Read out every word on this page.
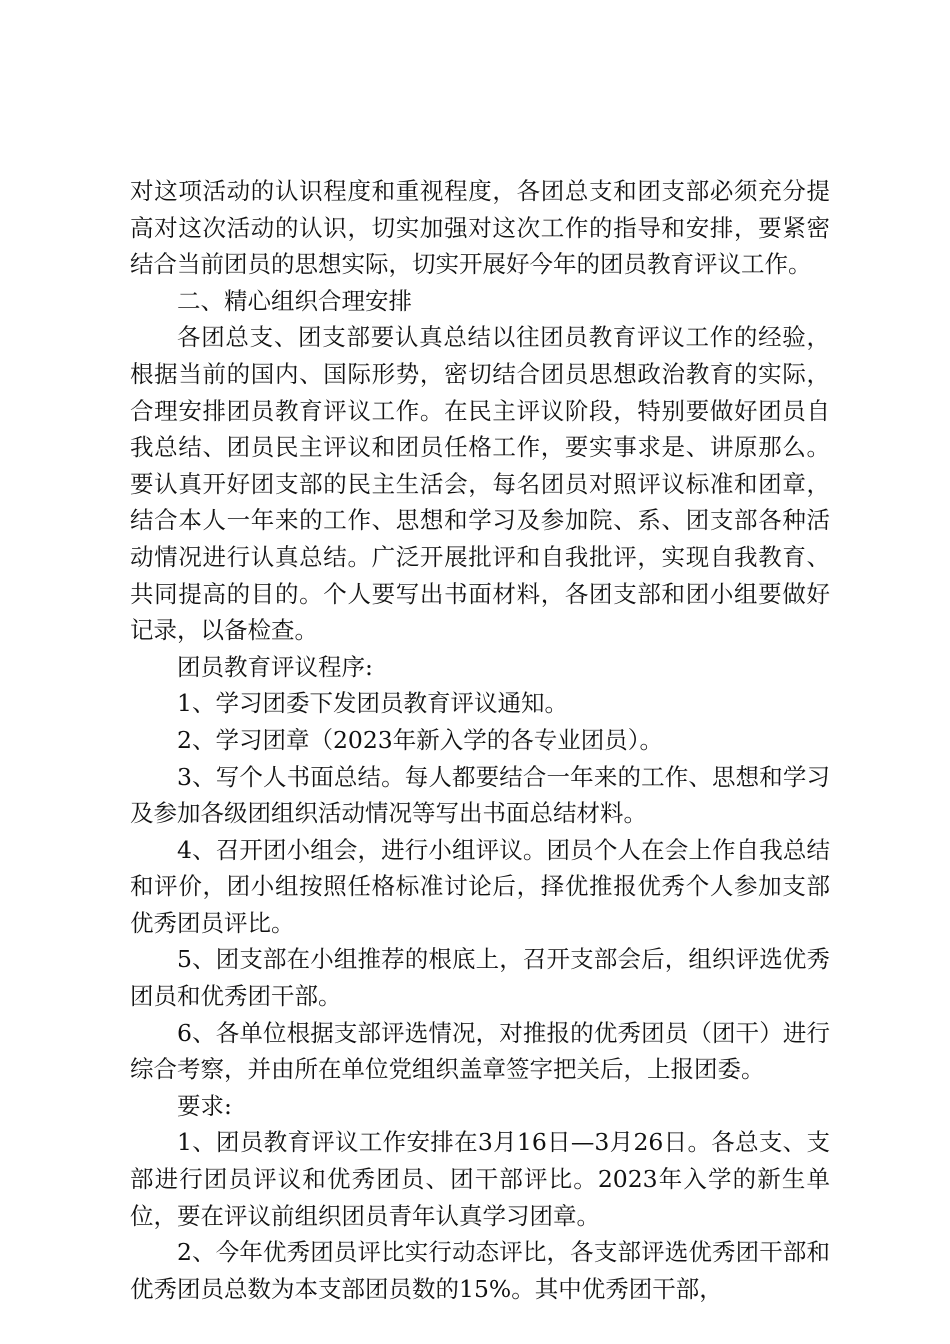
对这项活动的认识程度和重视程度，各团总支和团支部必须充分提高对这次活动的认识，切实加强对这次工作的指导和安排，要紧密结合当前团员的思想实际，切实开展好今年的团员教育评议工作。

二、精心组织合理安排

各团总支、团支部要认真总结以往团员教育评议工作的经验，根据当前的国内、国际形势，密切结合团员思想政治教育的实际，合理安排团员教育评议工作。在民主评议阶段，特别要做好团员自我总结、团员民主评议和团员任格工作，要实事求是、讲原那么。要认真开好团支部的民主生活会，每名团员对照评议标准和团章，结合本人一年来的工作、思想和学习及参加院、系、团支部各种活动情况进行认真总结。广泛开展批评和自我批评，实现自我教育、共同提高的目的。个人要写出书面材料，各团支部和团小组要做好记录，以备检查。

团员教育评议程序:

1、学习团委下发团员教育评议通知。

2、学习团章（2023年新入学的各专业团员）。

3、写个人书面总结。每人都要结合一年来的工作、思想和学习及参加各级团组织活动情况等写出书面总结材料。

4、召开团小组会，进行小组评议。团员个人在会上作自我总结和评价，团小组按照任格标准讨论后，择优推报优秀个人参加支部优秀团员评比。

5、团支部在小组推荐的根底上，召开支部会后，组织评选优秀团员和优秀团干部。

6、各单位根据支部评选情况，对推报的优秀团员（团干）进行综合考察，并由所在单位党组织盖章签字把关后，上报团委。

要求:

1、团员教育评议工作安排在3月16日—3月26日。各总支、支部进行团员评议和优秀团员、团干部评比。2023年入学的新生单位，要在评议前组织团员青年认真学习团章。

2、今年优秀团员评比实行动态评比，各支部评选优秀团干部和优秀团员总数为本支部团员数的15%。其中优秀团干部，
